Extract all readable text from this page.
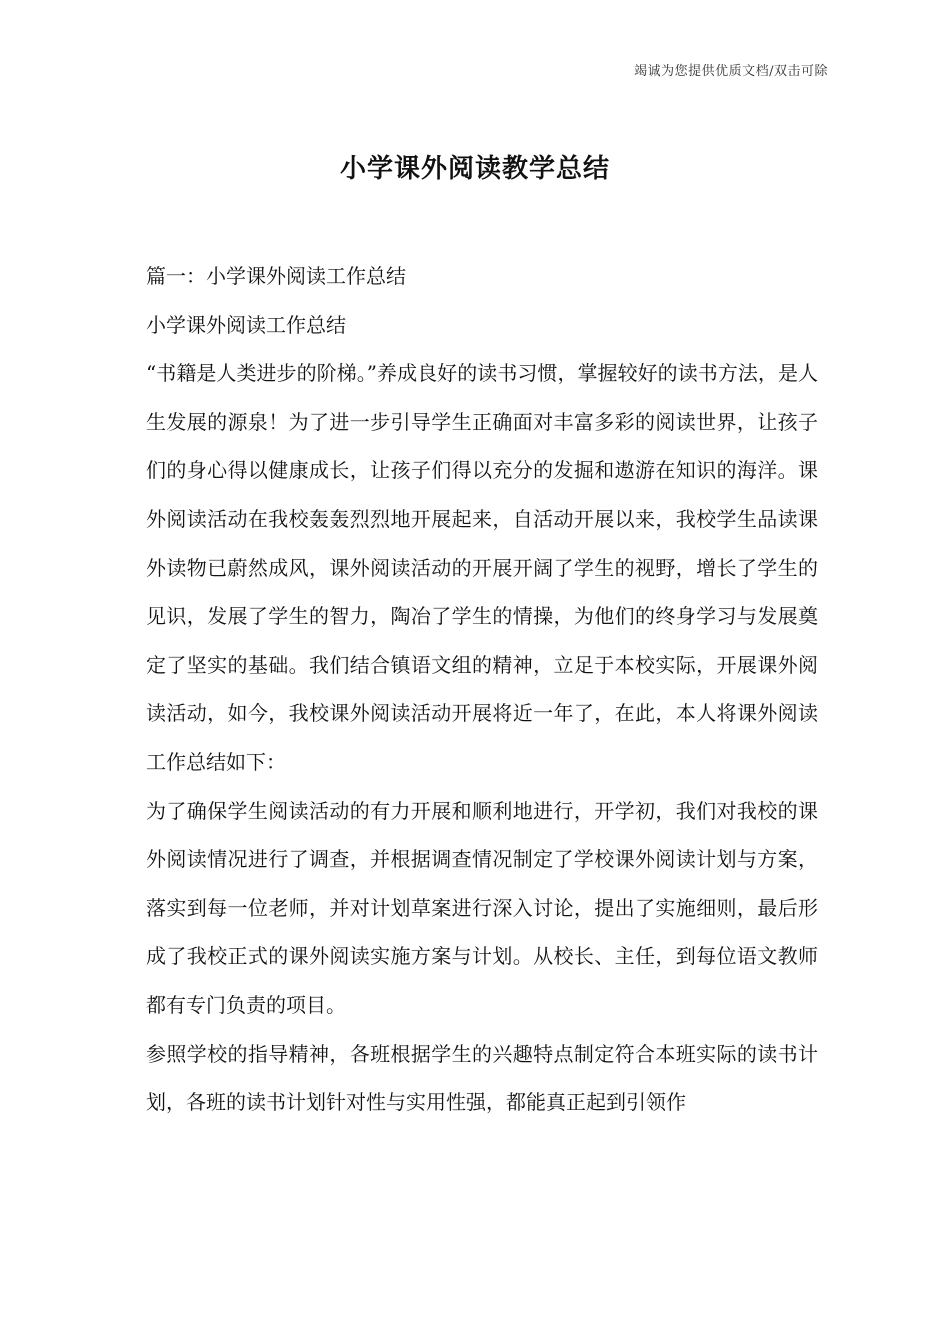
竭诚为您提供优质文档/双击可除
小学课外阅读教学总结

篇一：小学课外阅读工作总结

小学课外阅读工作总结

“书籍是人类进步的阶梯。”养成良好的读书习惯，掌握较好的读书方法，是人生发展的源泉！为了进一步引导学生正确面对丰富多彩的阅读世界，让孩子们的身心得以健康成长，让孩子们得以充分的发掘和遨游在知识的海洋。课外阅读活动在我校轰轰烈烈地开展起来，自活动开展以来，我校学生品读课外读物已蔚然成风，课外阅读活动的开展开阔了学生的视野，增长了学生的见识，发展了学生的智力，陶冶了学生的情操，为他们的终身学习与发展奠定了坚实的基础。我们结合镇语文组的精神，立足于本校实际，开展课外阅读活动，如今，我校课外阅读活动开展将近一年了，在此，本人将课外阅读工作总结如下：

为了确保学生阅读活动的有力开展和顺利地进行，开学初，我们对我校的课外阅读情况进行了调查，并根据调查情况制定了学校课外阅读计划与方案，落实到每一位老师，并对计划草案进行深入讨论，提出了实施细则，最后形成了我校正式的课外阅读实施方案与计划。从校长、主任，到每位语文教师都有专门负责的项目。

参照学校的指导精神，各班根据学生的兴趣特点制定符合本班实际的读书计划，各班的读书计划针对性与实用性强，都能真正起到引领作
